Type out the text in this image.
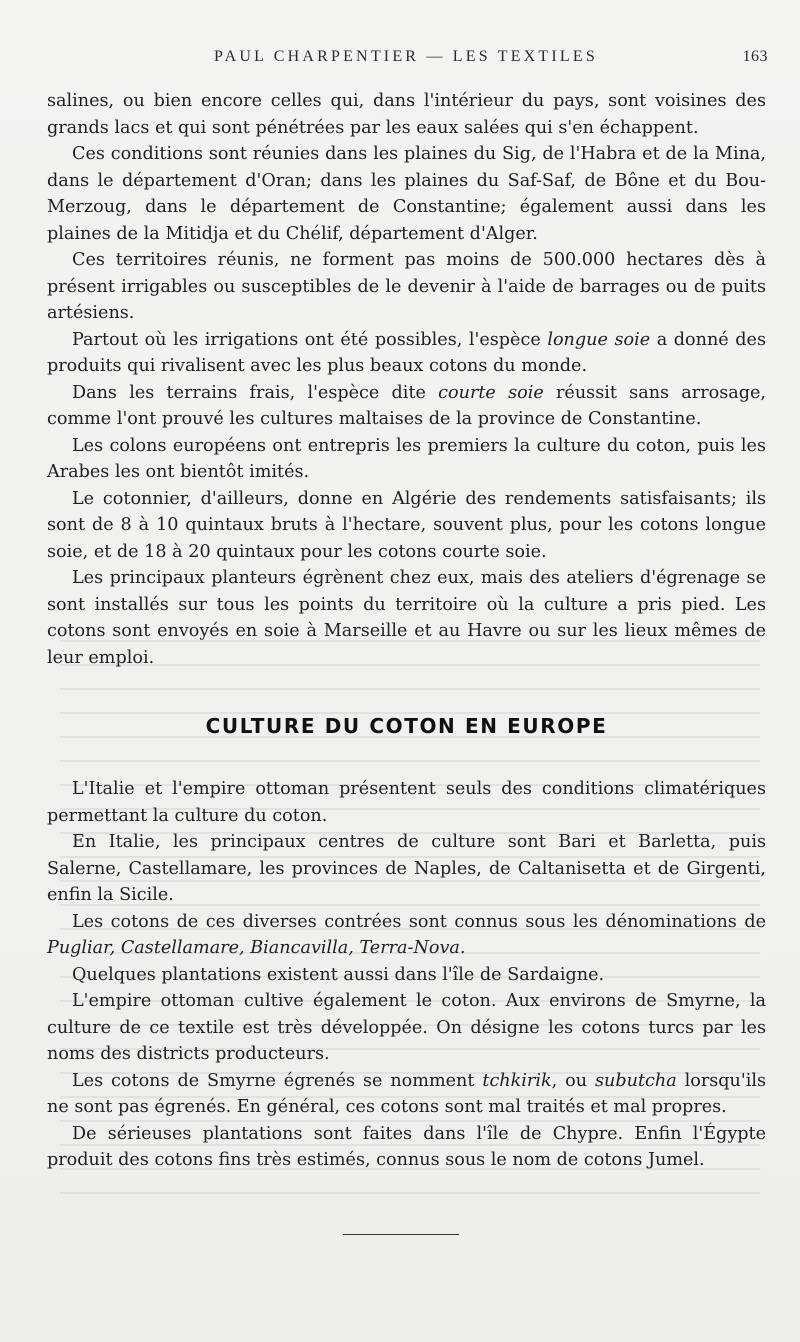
PAUL CHARPENTIER — LES TEXTILES	163

salines, ou bien encore celles qui, dans l'intérieur du pays, sont voisines des grands lacs et qui sont pénétrées par les eaux salées qui s'en échappent.

Ces conditions sont réunies dans les plaines du Sig, de l'Habra et de la Mina, dans le département d'Oran; dans les plaines du Saf-Saf, de Bône et du Bou-Merzoug, dans le département de Constantine; également aussi dans les plaines de la Mitidja et du Chélif, département d'Alger.

Ces territoires réunis, ne forment pas moins de 500.000 hectares dès à présent irrigables ou susceptibles de le devenir à l'aide de barrages ou de puits artésiens.

Partout où les irrigations ont été possibles, l'espèce longue soie a donné des produits qui rivalisent avec les plus beaux cotons du monde.

Dans les terrains frais, l'espèce dite courte soie réussit sans arrosage, comme l'ont prouvé les cultures maltaises de la province de Constantine.

Les colons européens ont entrepris les premiers la culture du coton, puis les Arabes les ont bientôt imités.

Le cotonnier, d'ailleurs, donne en Algérie des rendements satisfaisants; ils sont de 8 à 10 quintaux bruts à l'hectare, souvent plus, pour les cotons longue soie, et de 18 à 20 quintaux pour les cotons courte soie.

Les principaux planteurs égrènent chez eux, mais des ateliers d'égrenage se sont installés sur tous les points du territoire où la culture a pris pied. Les cotons sont envoyés en soie à Marseille et au Havre ou sur les lieux mêmes de leur emploi.

CULTURE DU COTON EN EUROPE

L'Italie et l'empire ottoman présentent seuls des conditions climatériques permettant la culture du coton.

En Italie, les principaux centres de culture sont Bari et Barletta, puis Salerne, Castellamare, les provinces de Naples, de Caltanisetta et de Girgenti, enfin la Sicile.

Les cotons de ces diverses contrées sont connus sous les dénominations de Pugliar, Castellamare, Biancavilla, Terra-Nova.

Quelques plantations existent aussi dans l'île de Sardaigne.

L'empire ottoman cultive également le coton. Aux environs de Smyrne, la culture de ce textile est très développée. On désigne les cotons turcs par les noms des districts producteurs.

Les cotons de Smyrne égrenés se nomment tchkirik, ou subutcha lorsqu'ils ne sont pas égrenés. En général, ces cotons sont mal traités et mal propres.

De sérieuses plantations sont faites dans l'île de Chypre. Enfin l'Égypte produit des cotons fins très estimés, connus sous le nom de cotons Jumel.
